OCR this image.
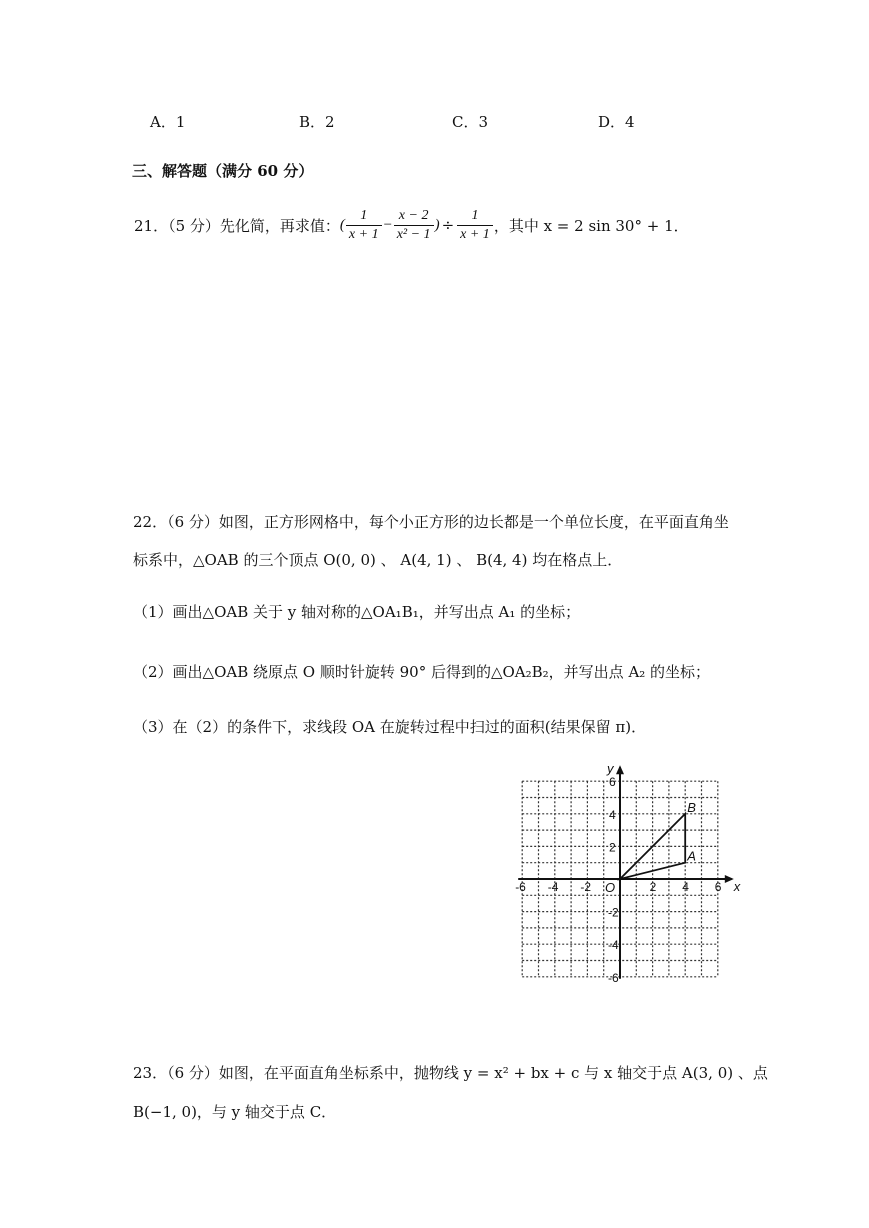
A．1	B．2	C．3	D．4
三、解答题（满分 60 分）
21．（5 分）先化简，再求值： ( $\frac{1}{x + 1} - \frac{x - 2}{\text{x² − 1}}$ ) ÷ $\frac{1}{x + 1}$ ，其中 x = 2 sin 30° + 1．
22．（6 分）如图，正方形网格中，每个小正方形的边长都是一个单位长度，在平面直角坐
标系中，△OAB 的三个顶点 O(0, 0) 、 A(4, 1) 、 B(4, 4) 均在格点上．
（1）画出△OAB 关于 y 轴对称的△OA₁B₁，并写出点 A₁ 的坐标；
（2）画出△OAB 绕原点 O 顺时针旋转 90° 后得到的△OA₂B₂，并写出点 A₂ 的坐标；
（3）在（2）的条件下，求线段 OA 在旋转过程中扫过的面积(结果保留 π)．
x
y
-6 -4 -2	2 4 6
6
4
2
-2
-4
-6
O
A
B
23．（6 分）如图，在平面直角坐标系中，抛物线 y = x² + bx + c 与 x 轴交于点 A(3, 0) 、点
B(−1, 0)，与 y 轴交于点 C．
